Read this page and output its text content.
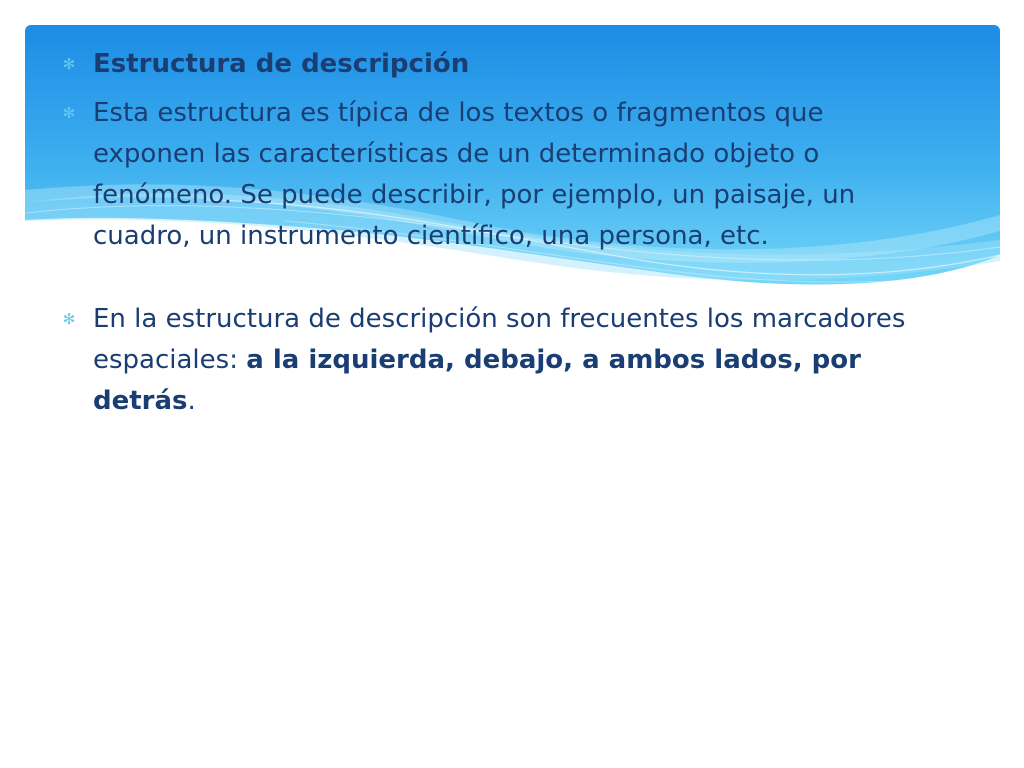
✻ Estructura de descripción
✻ Esta estructura es típica de los textos o fragmentos que exponen las características de un determinado objeto o fenómeno. Se puede describir, por ejemplo, un paisaje, un cuadro, un instrumento científico, una persona, etc.
✻ En la estructura de descripción son frecuentes los marcadores espaciales: a la izquierda, debajo, a ambos lados, por detrás.
